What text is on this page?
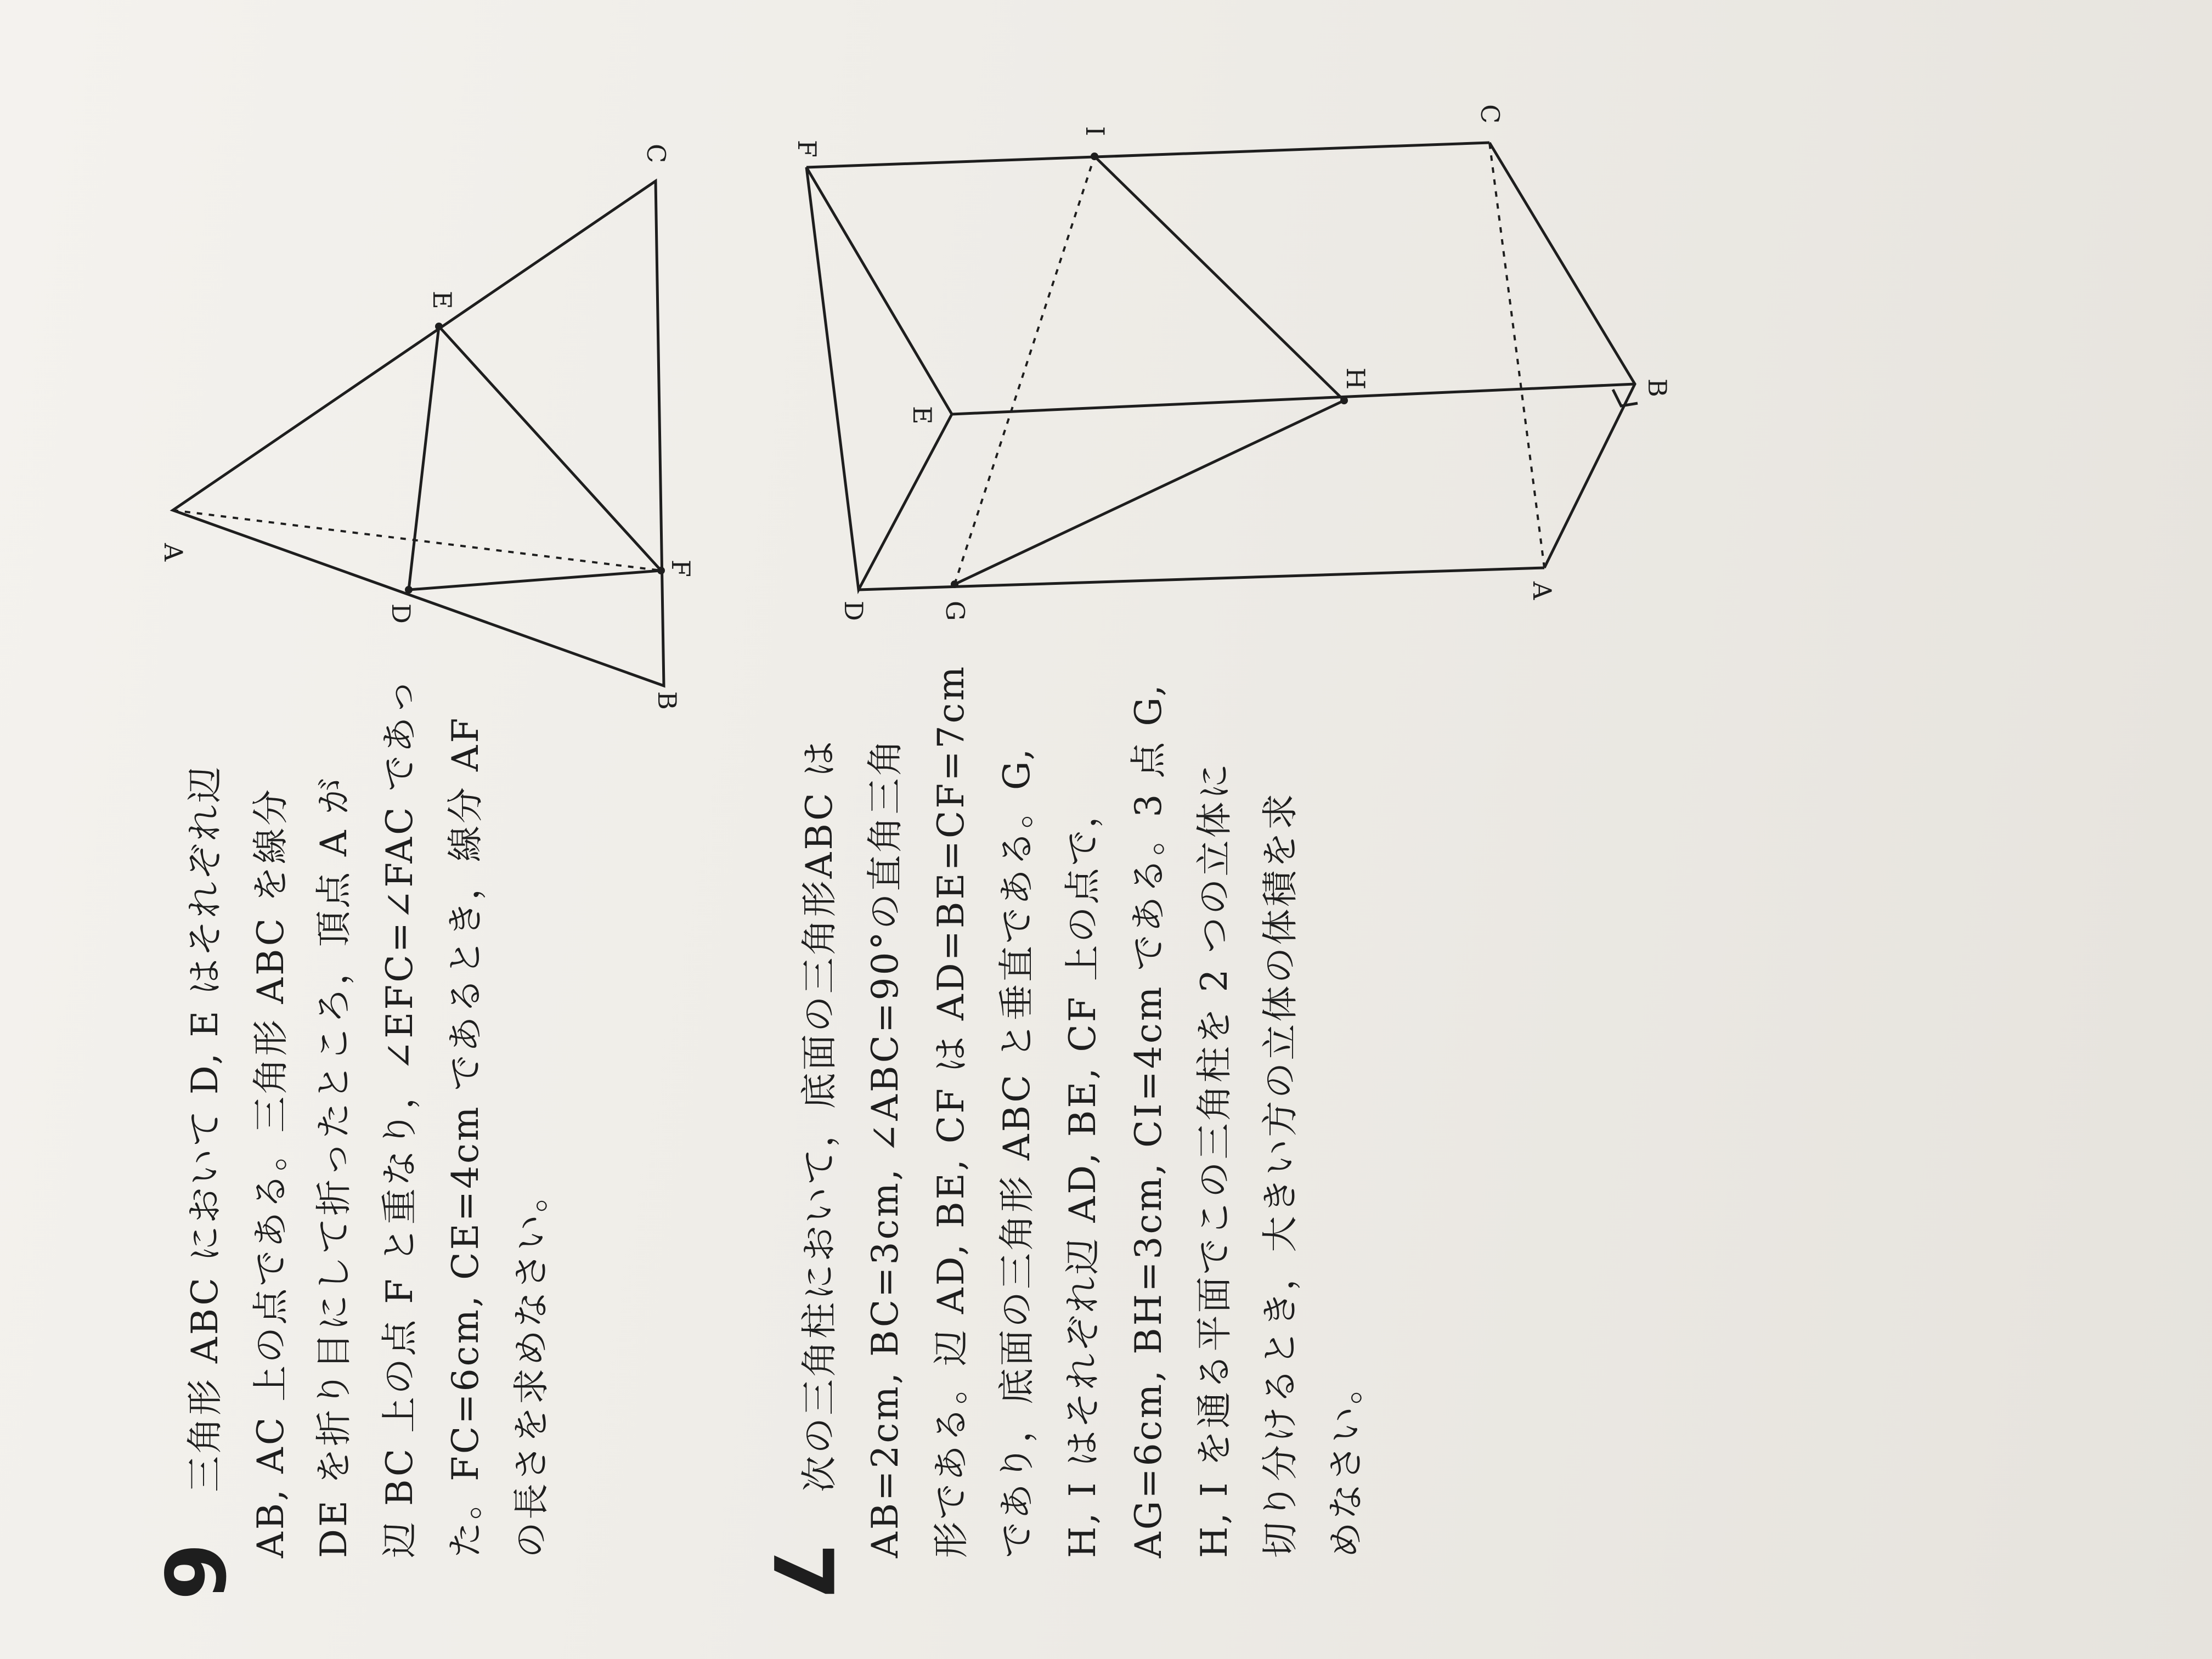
6
三角形 ABC において D, E はそれぞれ辺 AB, AC 上の点である。三角形 ABC を線分 DE を折り目にして折ったところ，頂点 A が 辺 BC 上の点 F と重なり，∠EFC=∠FAC であっ た。FC=6cm, CE=4cm であるとき，線分 AF の長さを求めなさい。
7
次の三角柱において，底面の三角形ABC は AB=2cm, BC=3cm, ∠ABC=90°の直角三角 形である。辺 AD, BE, CF は AD=BE=CF=7cm であり，底面の三角形 ABC と垂直である。G, H, I はそれぞれ辺 AD, BE, CF 上の点で， AG=6cm, BH=3cm, CI=4cm である。3 点 G, H, I を通る平面でこの三角柱を 2 つの立体に 切り分けるとき，大きい方の立体の体積を求 めなさい。
A
B
C
D
E
F
A
B
C
D
E
F
G
H
I
